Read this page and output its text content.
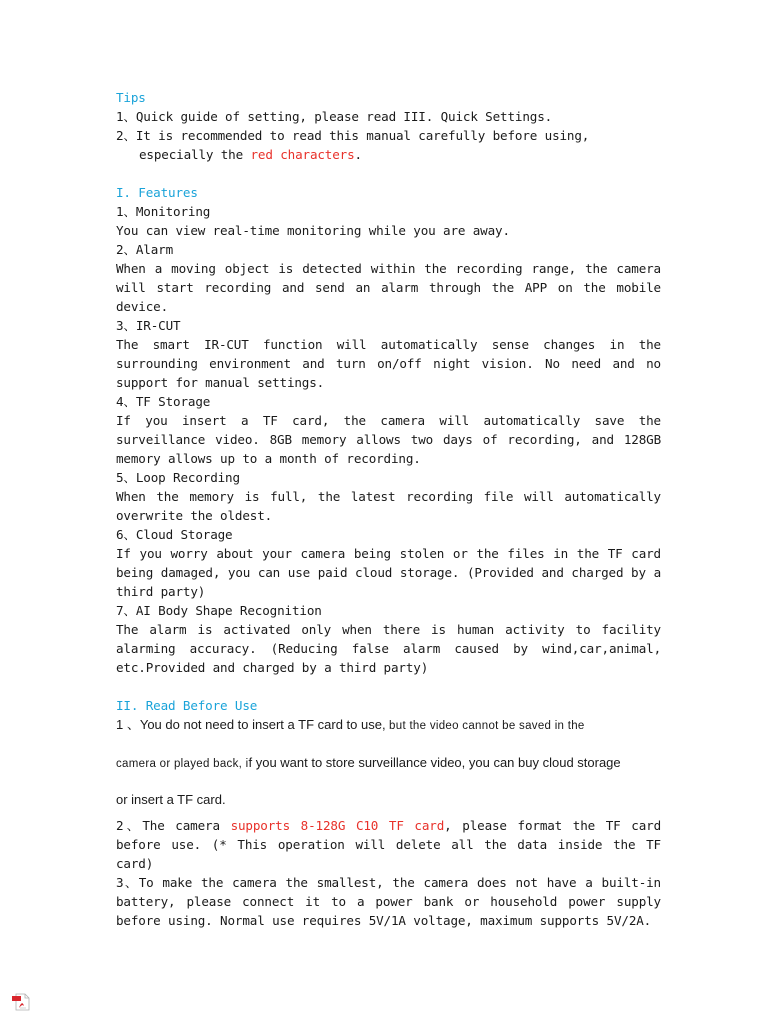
Tips

1、Quick guide of setting, please read III. Quick Settings.

2、It is recommended to read this manual carefully before using,

especially the red characters.

I. Features

1、Monitoring

You can view real-time monitoring while you are away.

2、Alarm

When a moving object is detected within the recording range, the camera will start recording and send an alarm through the APP on the mobile device.

3、IR-CUT

The smart IR-CUT function will automatically sense changes in the surrounding environment and turn on/off night vision. No need and no support for manual settings.

4、TF Storage

If you insert a TF card, the camera will automatically save the surveillance video. 8GB memory allows two days of recording, and 128GB memory allows up to a month of recording.

5、Loop Recording

When the memory is full, the latest recording file will automatically overwrite the oldest.

6、Cloud Storage

If you worry about your camera being stolen or the files in the TF card being damaged, you can use paid cloud storage. (Provided and charged by a third party)

7、AI Body Shape Recognition

The alarm is activated only when there is human activity to facility alarming accuracy. (Reducing false alarm caused by wind,car,animal, etc.Provided and charged by a third party)

II. Read Before Use

1 、You do not need to insert a TF card to use, but the video cannot be saved in the

camera or played back, if you want to store surveillance video, you can buy cloud storage

or insert a TF card.

2、The camera supports 8-128G C10 TF card, please format the TF card before use. (* This operation will delete all the data inside the TF card)

3、To make the camera the smallest, the camera does not have a built-in battery, please connect it to a power bank or household power supply before using. Normal use requires 5V/1A voltage, maximum supports 5V/2A.
